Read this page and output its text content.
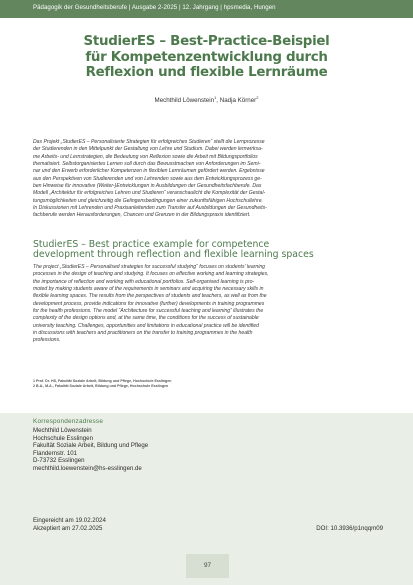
Pädagogik der Gesundheitsberufe | Ausgabe 2-2025 | 12. Jahrgang | hpsmedia, Hungen
StudierES – Best-Practice-Beispiel
für Kompetenzentwicklung durch
Reflexion und flexible Lernräume
Mechthild Löwenstein$^1$, Nadja Körner$^2$
Das Projekt „StudierES – Personalisierte Strategien für erfolgreiches Studieren“ stellt die Lernprozesse
der Studierenden in den Mittelpunkt der Gestaltung von Lehre und Studium. Dabei werden lernwirksa-
me Arbeits- und Lernstrategien, die Bedeutung von Reflexion sowie die Arbeit mit Bildungsportfolios
thematisiert. Selbstorganisiertes Lernen soll durch das Bewusstmachen von Anforderungen im Semi-
nar und den Erwerb erforderlicher Kompetenzen in flexiblen Lernräumen gefördert werden. Ergebnisse
aus den Perspektiven von Studierenden und von Lehrenden sowie aus dem Entwicklungsprozess ge-
ben Hinweise für innovative (Weiter-)Entwicklungen in Ausbildungen der Gesundheitsfachberufe. Das
Modell „Architektur für erfolgreiches Lehren und Studieren“ veranschaulicht die Komplexität der Gestal-
tungsmöglichkeiten und gleichzeitig die Gelingensbedingungen einer zukunftsfähigen Hochschullehre.
In Diskussionen mit Lehrenden und Praxisanleitenden zum Transfer auf Ausbildungen der Gesundheits-
fachberufe werden Herausforderungen, Chancen und Grenzen in der Bildungspraxis identifiziert.
StudierES – Best practice example for competence
development through reflection and flexible learning spaces
The project „StudierES – Personalised strategies for successful studying“ focuses on students' learning
processes in the design of teaching and studying. It focuses on effective working and learning strategies,
the importance of reflection and working with educational portfolios. Self-organised learning is pro-
moted by making students aware of the requirements in seminars and acquiring the necessary skills in
flexible learning spaces. The results from the perspectives of students and teachers, as well as from the
development process, provide indications for innovative (further) developments in training programmes
for the health professions. The model “Architecture for successful teaching and learning” illustrates the
complexity of the design options and, at the same time, the conditions for the success of sustainable
university teaching. Challenges, opportunities and limitations in educational practice will be identified
in discussions with teachers and practitioners on the transfer to training programmes in the health
professions.
1 Prof. Dr. HS, Fakultät Soziale Arbeit, Bildung und Pflege, Hochschule Esslingen
2 B.A., M.A., Fakultät Soziale Arbeit, Bildung und Pflege, Hochschule Esslingen
Korrespondenzadresse
Mechthild Löwenstein
Hochschule Esslingen
Fakultät Soziale Arbeit, Bildung und Pflege
Flandernstr. 101
D-73732 Esslingen
mechthild.loewenstein@hs-esslingen.de
Eingereicht am 19.02.2024
Akzeptiert am 27.02.2025	DOI: 10.3936/p1nqqm09
97
